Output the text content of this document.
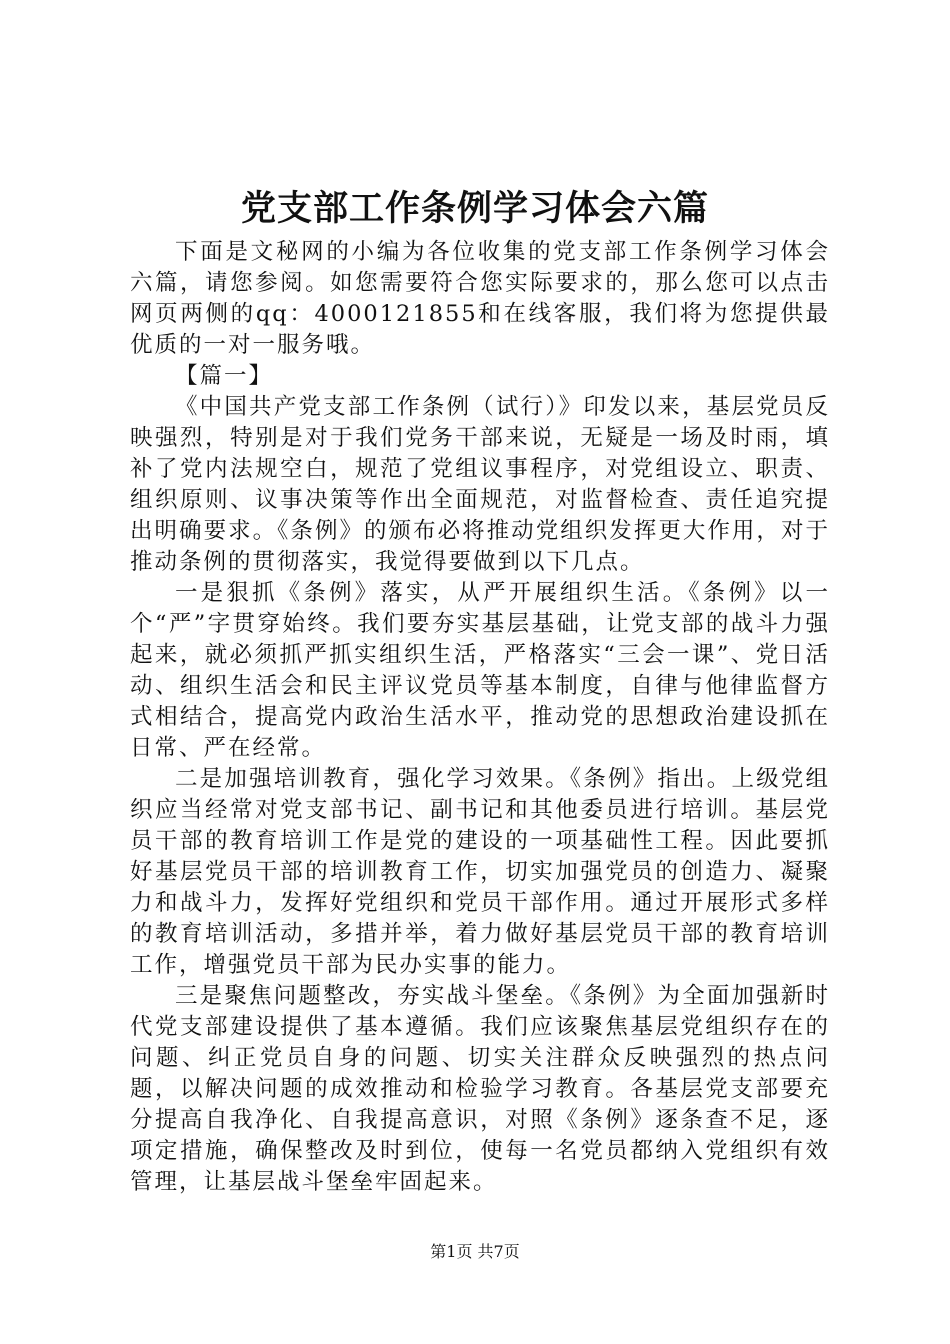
党支部工作条例学习体会六篇

下面是文秘网的小编为各位收集的党支部工作条例学习体会六篇，请您参阅。如您需要符合您实际要求的，那么您可以点击网页两侧的qq：4000121855和在线客服，我们将为您提供最优质的一对一服务哦。

【篇一】

《中国共产党支部工作条例（试行）》印发以来，基层党员反映强烈，特别是对于我们党务干部来说，无疑是一场及时雨，填补了党内法规空白，规范了党组议事程序，对党组设立、职责、组织原则、议事决策等作出全面规范，对监督检查、责任追究提出明确要求。《条例》的颁布必将推动党组织发挥更大作用，对于推动条例的贯彻落实，我觉得要做到以下几点。

一是狠抓《条例》落实，从严开展组织生活。《条例》以一个“严”字贯穿始终。我们要夯实基层基础，让党支部的战斗力强起来，就必须抓严抓实组织生活，严格落实“三会一课”、党日活动、组织生活会和民主评议党员等基本制度，自律与他律监督方式相结合，提高党内政治生活水平，推动党的思想政治建设抓在日常、严在经常。

二是加强培训教育，强化学习效果。《条例》指出。上级党组织应当经常对党支部书记、副书记和其他委员进行培训。基层党员干部的教育培训工作是党的建设的一项基础性工程。因此要抓好基层党员干部的培训教育工作，切实加强党员的创造力、凝聚力和战斗力，发挥好党组织和党员干部作用。通过开展形式多样的教育培训活动，多措并举，着力做好基层党员干部的教育培训工作，增强党员干部为民办实事的能力。

三是聚焦问题整改，夯实战斗堡垒。《条例》为全面加强新时代党支部建设提供了基本遵循。我们应该聚焦基层党组织存在的问题、纠正党员自身的问题、切实关注群众反映强烈的热点问题，以解决问题的成效推动和检验学习教育。各基层党支部要充分提高自我净化、自我提高意识，对照《条例》逐条查不足，逐项定措施，确保整改及时到位，使每一名党员都纳入党组织有效管理，让基层战斗堡垒牢固起来。

第1页 共7页
